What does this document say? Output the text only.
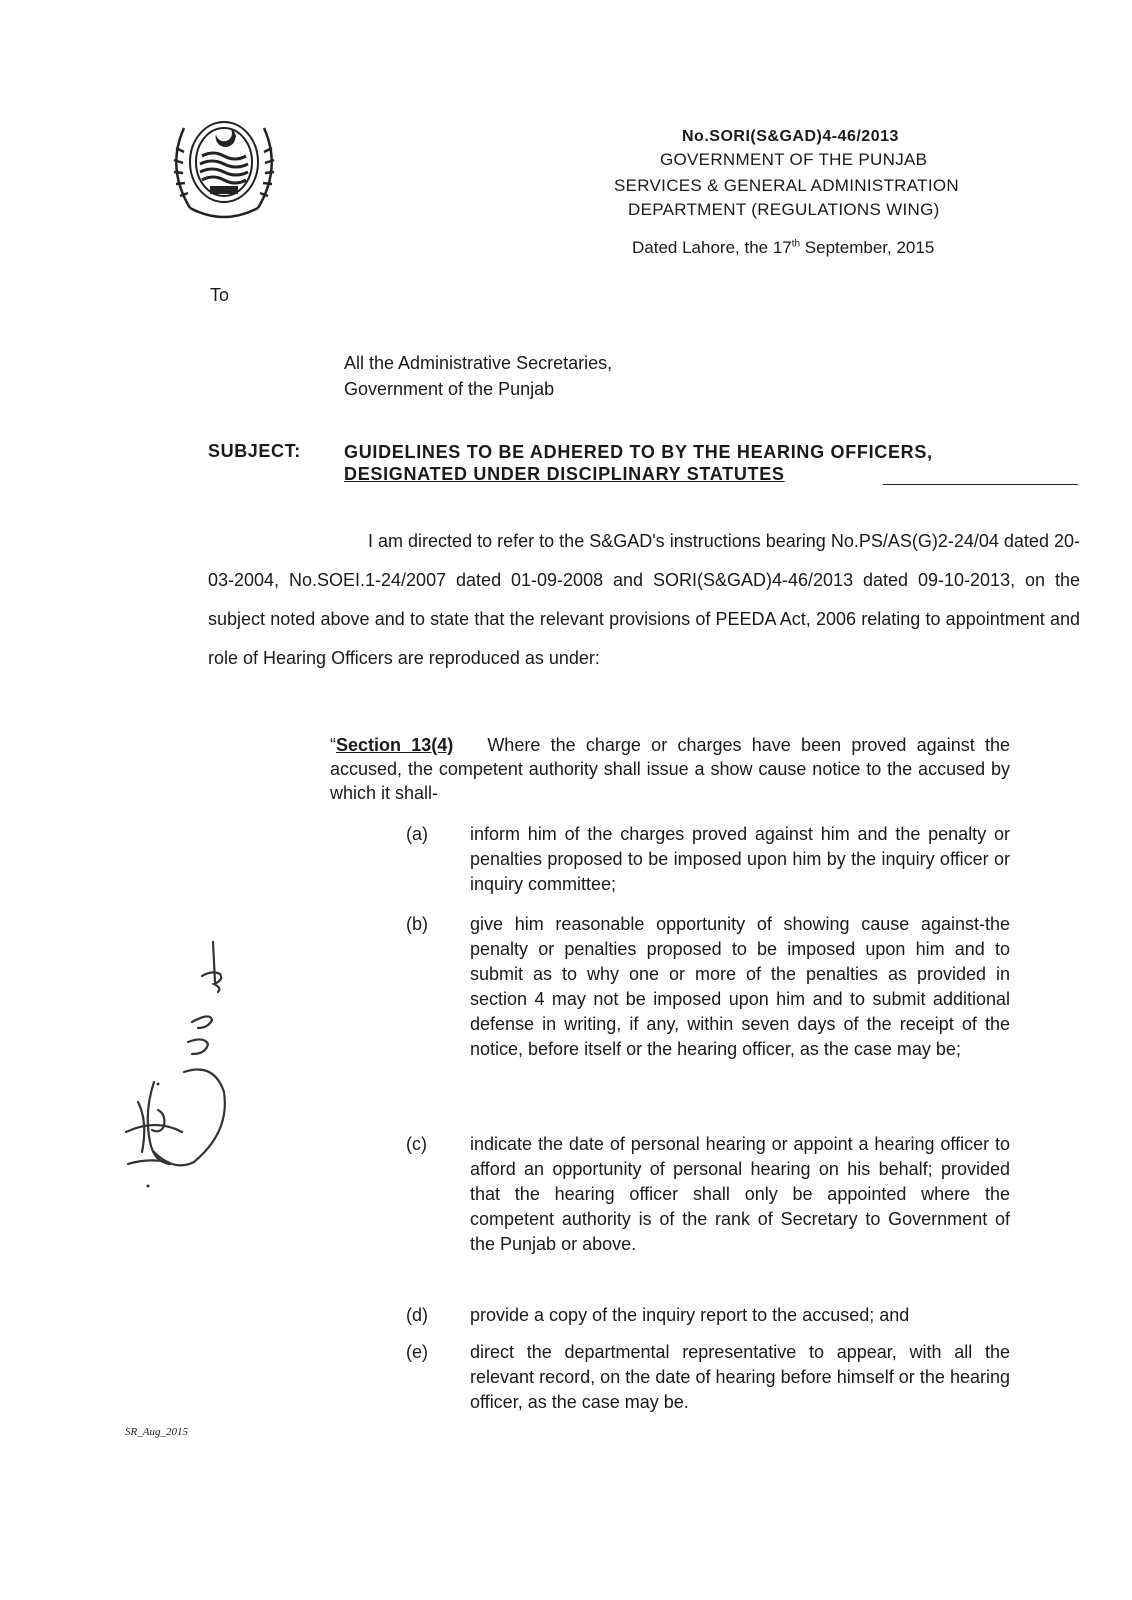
No.SORI(S&GAD)4-46/2013
GOVERNMENT OF THE PUNJAB
SERVICES & GENERAL ADMINISTRATION
DEPARTMENT (REGULATIONS WING)
Dated Lahore, the 17th September, 2015
To
All the Administrative Secretaries,
Government of the Punjab
SUBJECT: GUIDELINES TO BE ADHERED TO BY THE HEARING OFFICERS,
DESIGNATED UNDER DISCIPLINARY STATUTES
I am directed to refer to the S&GAD's instructions bearing No.PS/AS(G)2-24/04 dated 20-03-2004, No.SOEI.1-24/2007 dated 01-09-2008 and SORI(S&GAD)4-46/2013 dated 09-10-2013, on the subject noted above and to state that the relevant provisions of PEEDA Act, 2006 relating to appointment and role of Hearing Officers are reproduced as under:
“Section 13(4) Where the charge or charges have been proved against the accused, the competent authority shall issue a show cause notice to the accused by which it shall-
(a) inform him of the charges proved against him and the penalty or penalties proposed to be imposed upon him by the inquiry officer or inquiry committee;
(b) give him reasonable opportunity of showing cause against-the penalty or penalties proposed to be imposed upon him and to submit as to why one or more of the penalties as provided in section 4 may not be imposed upon him and to submit additional defense in writing, if any, within seven days of the receipt of the notice, before itself or the hearing officer, as the case may be;
(c) indicate the date of personal hearing or appoint a hearing officer to afford an opportunity of personal hearing on his behalf; provided that the hearing officer shall only be appointed where the competent authority is of the rank of Secretary to Government of the Punjab or above.
(d) provide a copy of the inquiry report to the accused; and
(e) direct the departmental representative to appear, with all the relevant record, on the date of hearing before himself or the hearing officer, as the case may be.
SR_Aug_2015
